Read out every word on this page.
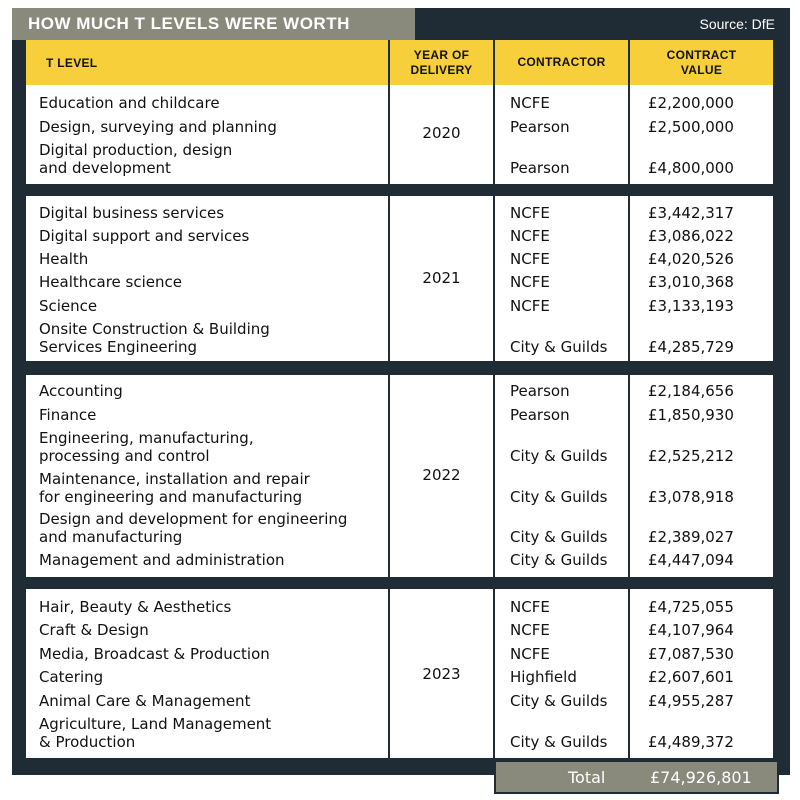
HOW MUCH T LEVELS WERE WORTH	Source: DfE
T LEVEL
YEAR OF
DELIVERY
CONTRACTOR
CONTRACT
VALUE
Education and childcare
Design, surveying and planning
Digital production, design
and development
2020
NCFE
Pearson
Pearson
£2,200,000
£2,500,000
£4,800,000
Digital business services
Digital support and services
Health
Healthcare science
Science
Onsite Construction & Building
Services Engineering
2021
NCFE
NCFE
NCFE
NCFE
NCFE
City & Guilds
£3,442,317
£3,086,022
£4,020,526
£3,010,368
£3,133,193
£4,285,729
Accounting
Finance
Engineering, manufacturing,
processing and control
Maintenance, installation and repair
for engineering and manufacturing
Design and development for engineering
and manufacturing
Management and administration
2022
Pearson
Pearson
City & Guilds
City & Guilds
City & Guilds
City & Guilds
£2,184,656
£1,850,930
£2,525,212
£3,078,918
£2,389,027
£4,447,094
Hair, Beauty & Aesthetics
Craft & Design
Media, Broadcast & Production
Catering
Animal Care & Management
Agriculture, Land Management
& Production
2023
NCFE
NCFE
NCFE
Highfield
City & Guilds
City & Guilds
£4,725,055
£4,107,964
£7,087,530
£2,607,601
£4,955,287
£4,489,372
Total	£74,926,801
